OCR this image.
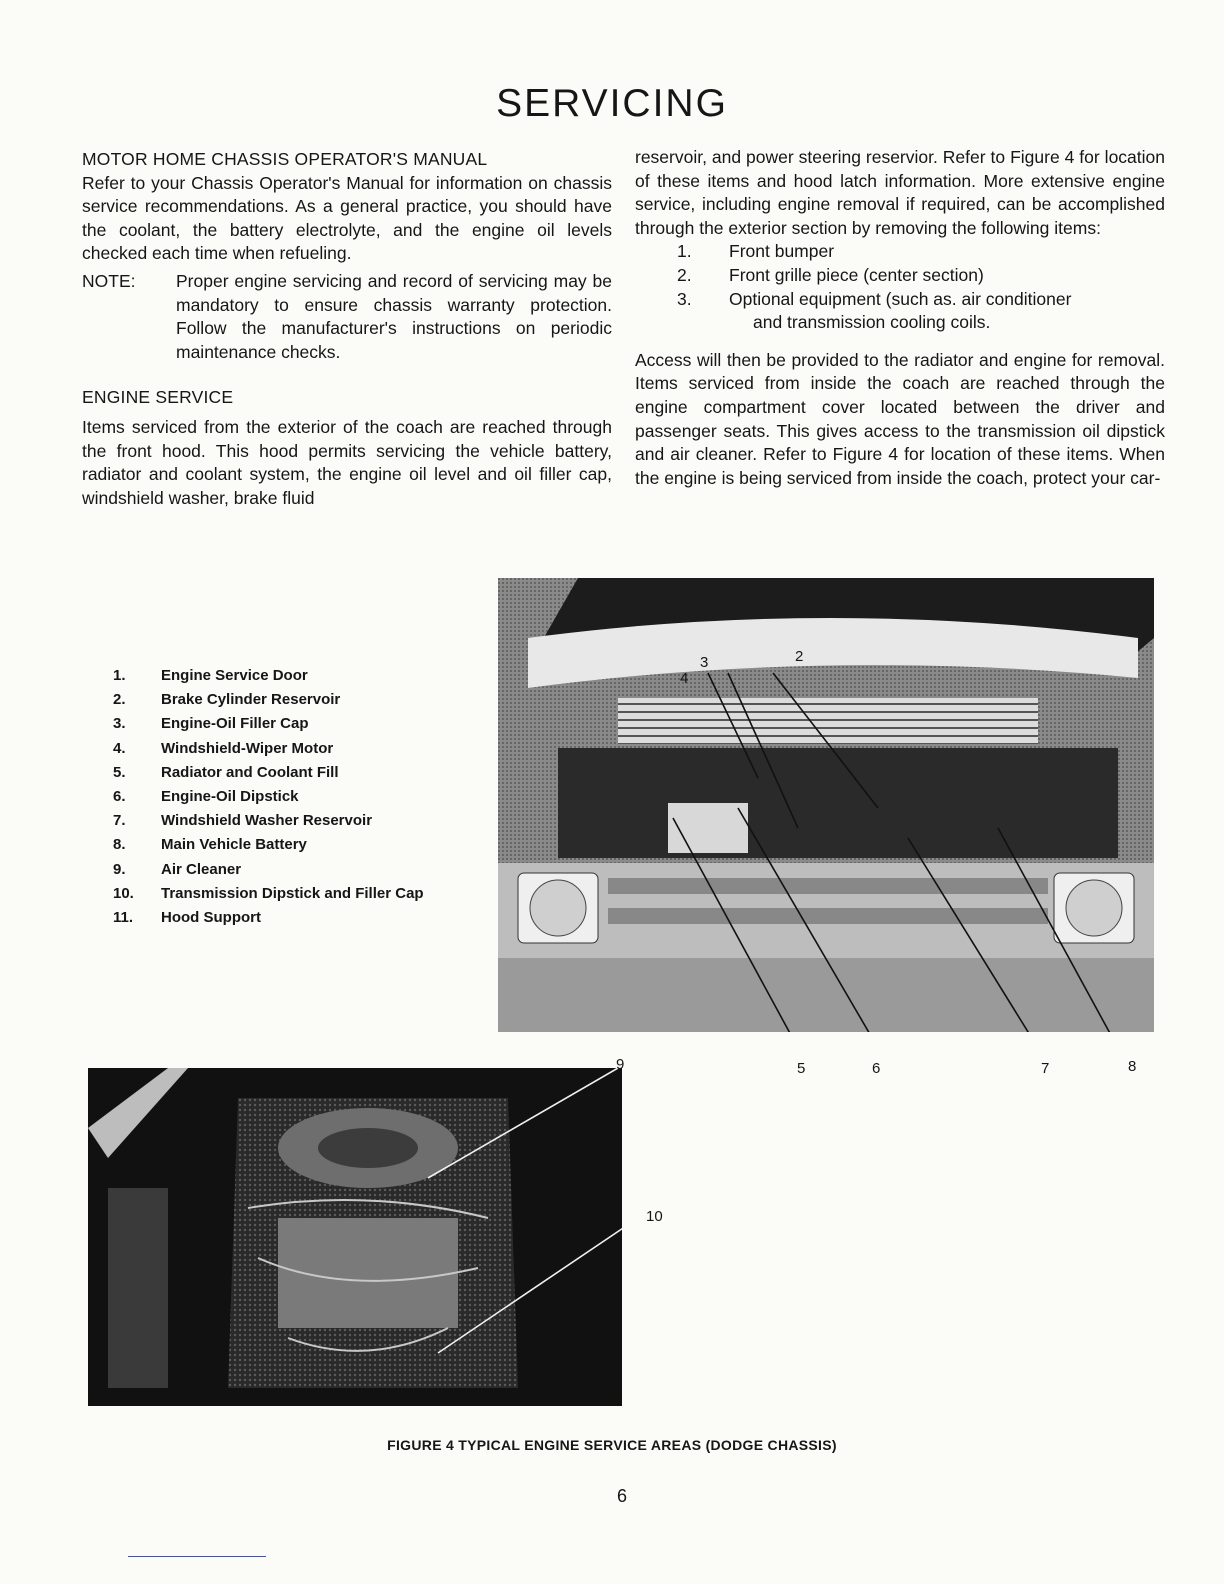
SERVICING
MOTOR HOME CHASSIS OPERATOR'S MANUAL

Refer to your Chassis Operator's Manual for information on chassis service recommendations. As a general practice, you should have the coolant, the battery electrolyte, and the engine oil levels checked each time when refueling.

NOTE:	Proper engine servicing and record of servicing may be mandatory to ensure chassis warranty protection. Follow the manufacturer's instructions on periodic maintenance checks.
ENGINE SERVICE

Items serviced from the exterior of the coach are reached through the front hood. This hood permits servicing the vehicle battery, radiator and coolant system, the engine oil level and oil filler cap, windshield washer, brake fluid

reservoir, and power steering reservior. Refer to Figure 4 for location of these items and hood latch information. More extensive engine service, including engine removal if required, can be accomplished through the exterior section by removing the following items:

1.	Front bumper
2.	Front grille piece (center section)
3.	Optional equipment (such as. air conditioner
and transmission cooling coils.

Access will then be provided to the radiator and engine for removal. Items serviced from inside the coach are reached through the engine compartment cover located between the driver and passenger seats. This gives access to the transmission oil dipstick and air cleaner. Refer to Figure 4 for location of these items. When the engine is being serviced from inside the coach, protect your car-

1.	Engine Service Door
2.	Brake Cylinder Reservoir
3.	Engine-Oil Filler Cap
4.	Windshield-Wiper Motor
5.	Radiator and Coolant Fill
6.	Engine-Oil Dipstick
7.	Windshield Washer Reservoir
8.	Main Vehicle Battery
9.	Air Cleaner
10.	Transmission Dipstick and Filler Cap
11.	Hood Support
4
3	2
5	6	7	8
9
10
FIGURE 4 TYPICAL ENGINE SERVICE AREAS (DODGE CHASSIS)
6
